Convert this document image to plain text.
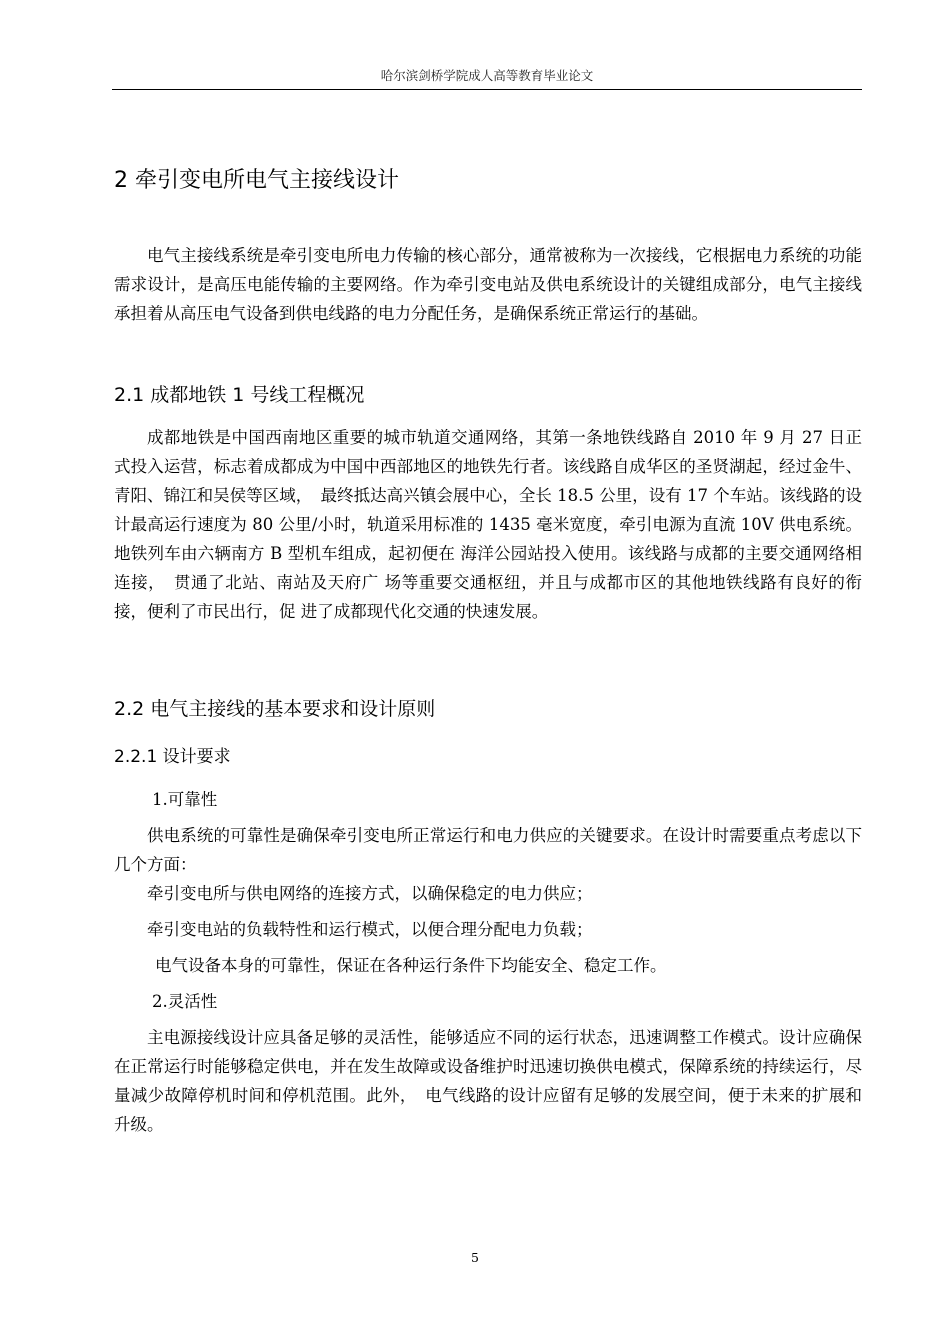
哈尔滨剑桥学院成人高等教育毕业论文
2 牵引变电所电气主接线设计

电气主接线系统是牵引变电所电力传输的核心部分，通常被称为一次接线，它根据电力系统的功能需求设计，是高压电能传输的主要网络。作为牵引变电站及供电系统设计的关键组成部分，电气主接线承担着从高压电气设备到供电线路的电力分配任务，是确保系统正常运行的基础。

2.1 成都地铁 1 号线工程概况

成都地铁是中国西南地区重要的城市轨道交通网络，其第一条地铁线路自 2010 年 9 月 27 日正式投入运营，标志着成都成为中国中西部地区的地铁先行者。该线路自成华区的圣贤湖起，经过金牛、青阳、锦江和吴侯等区域，　最终抵达高兴镇会展中心，全长 18.5 公里，设有 17 个车站。该线路的设计最高运行速度为 80 公里/小时，轨道采用标准的 1435 毫米宽度，牵引电源为直流 10V 供电系统。地铁列车由六辆南方 B 型机车组成，起初便在 海洋公园站投入使用。该线路与成都的主要交通网络相连接，　贯通了北站、南站及天府广 场等重要交通枢纽，并且与成都市区的其他地铁线路有良好的衔接，便利了市民出行，促 进了成都现代化交通的快速发展。

2.2 电气主接线的基本要求和设计原则
2.2.1 设计要求

1.可靠性

供电系统的可靠性是确保牵引变电所正常运行和电力供应的关键要求。在设计时需要重点考虑以下几个方面：

牵引变电所与供电网络的连接方式，以确保稳定的电力供应；

牵引变电站的负载特性和运行模式，以便合理分配电力负载；

电气设备本身的可靠性，保证在各种运行条件下均能安全、稳定工作。

2.灵活性

主电源接线设计应具备足够的灵活性，能够适应不同的运行状态，迅速调整工作模式。设计应确保在正常运行时能够稳定供电，并在发生故障或设备维护时迅速切换供电模式，保障系统的持续运行，尽量减少故障停机时间和停机范围。此外，　电气线路的设计应留有足够的发展空间，便于未来的扩展和升级。

5
